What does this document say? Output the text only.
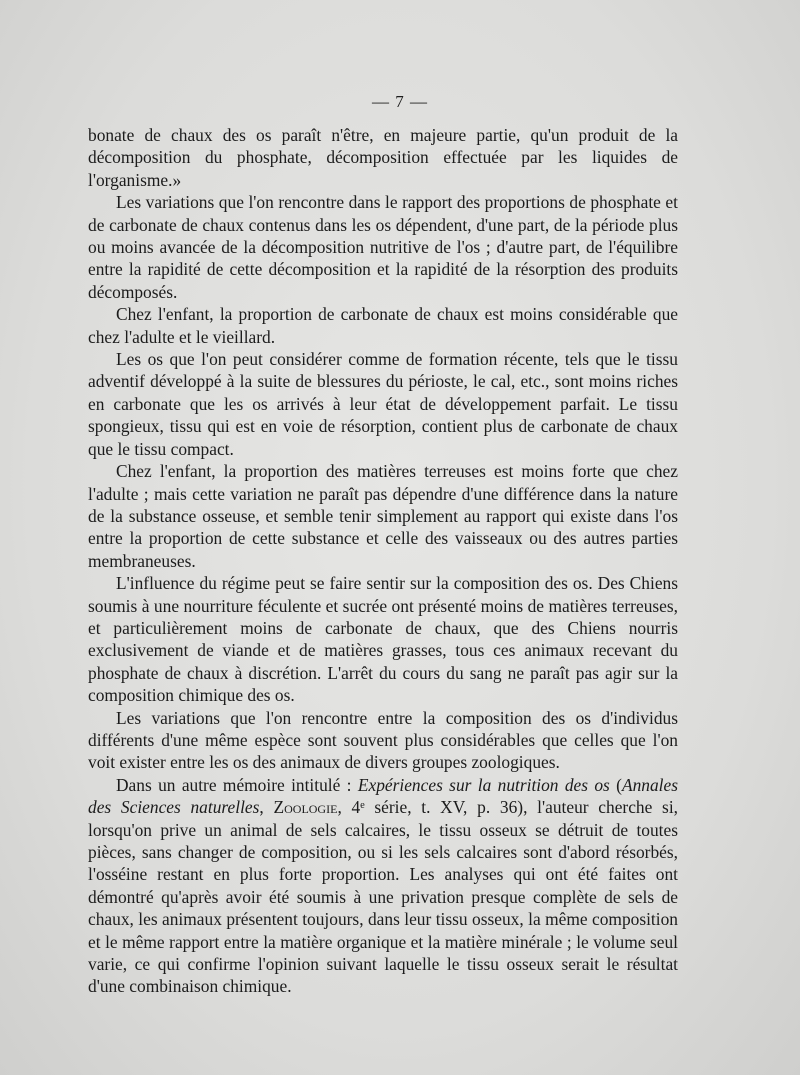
— 7 —

bonate de chaux des os paraît n'être, en majeure partie, qu'un produit de la décomposition du phosphate, décomposition effectuée par les liquides de l'organisme.»

Les variations que l'on rencontre dans le rapport des proportions de phosphate et de carbonate de chaux contenus dans les os dépendent, d'une part, de la période plus ou moins avancée de la décomposition nutritive de l'os ; d'autre part, de l'équilibre entre la rapidité de cette décomposition et la rapidité de la résorption des produits décomposés.

Chez l'enfant, la proportion de carbonate de chaux est moins considérable que chez l'adulte et le vieillard.

Les os que l'on peut considérer comme de formation récente, tels que le tissu adventif développé à la suite de blessures du périoste, le cal, etc., sont moins riches en carbonate que les os arrivés à leur état de développement parfait. Le tissu spongieux, tissu qui est en voie de résorption, contient plus de carbonate de chaux que le tissu compact.

Chez l'enfant, la proportion des matières terreuses est moins forte que chez l'adulte ; mais cette variation ne paraît pas dépendre d'une différence dans la nature de la substance osseuse, et semble tenir simplement au rapport qui existe dans l'os entre la proportion de cette substance et celle des vaisseaux ou des autres parties membraneuses.

L'influence du régime peut se faire sentir sur la composition des os. Des Chiens soumis à une nourriture féculente et sucrée ont présenté moins de matières terreuses, et particulièrement moins de carbonate de chaux, que des Chiens nourris exclusivement de viande et de matières grasses, tous ces animaux recevant du phosphate de chaux à discrétion. L'arrêt du cours du sang ne paraît pas agir sur la composition chimique des os.

Les variations que l'on rencontre entre la composition des os d'individus différents d'une même espèce sont souvent plus considérables que celles que l'on voit exister entre les os des animaux de divers groupes zoologiques.

Dans un autre mémoire intitulé : Expériences sur la nutrition des os (Annales des Sciences naturelles, Zoologie, 4ᵉ série, t. XV, p. 36), l'auteur cherche si, lorsqu'on prive un animal de sels calcaires, le tissu osseux se détruit de toutes pièces, sans changer de composition, ou si les sels calcaires sont d'abord résorbés, l'osséine restant en plus forte proportion. Les analyses qui ont été faites ont démontré qu'après avoir été soumis à une privation presque complète de sels de chaux, les animaux présentent toujours, dans leur tissu osseux, la même composition et le même rapport entre la matière organique et la matière minérale ; le volume seul varie, ce qui confirme l'opinion suivant laquelle le tissu osseux serait le résultat d'une combinaison chimique.
